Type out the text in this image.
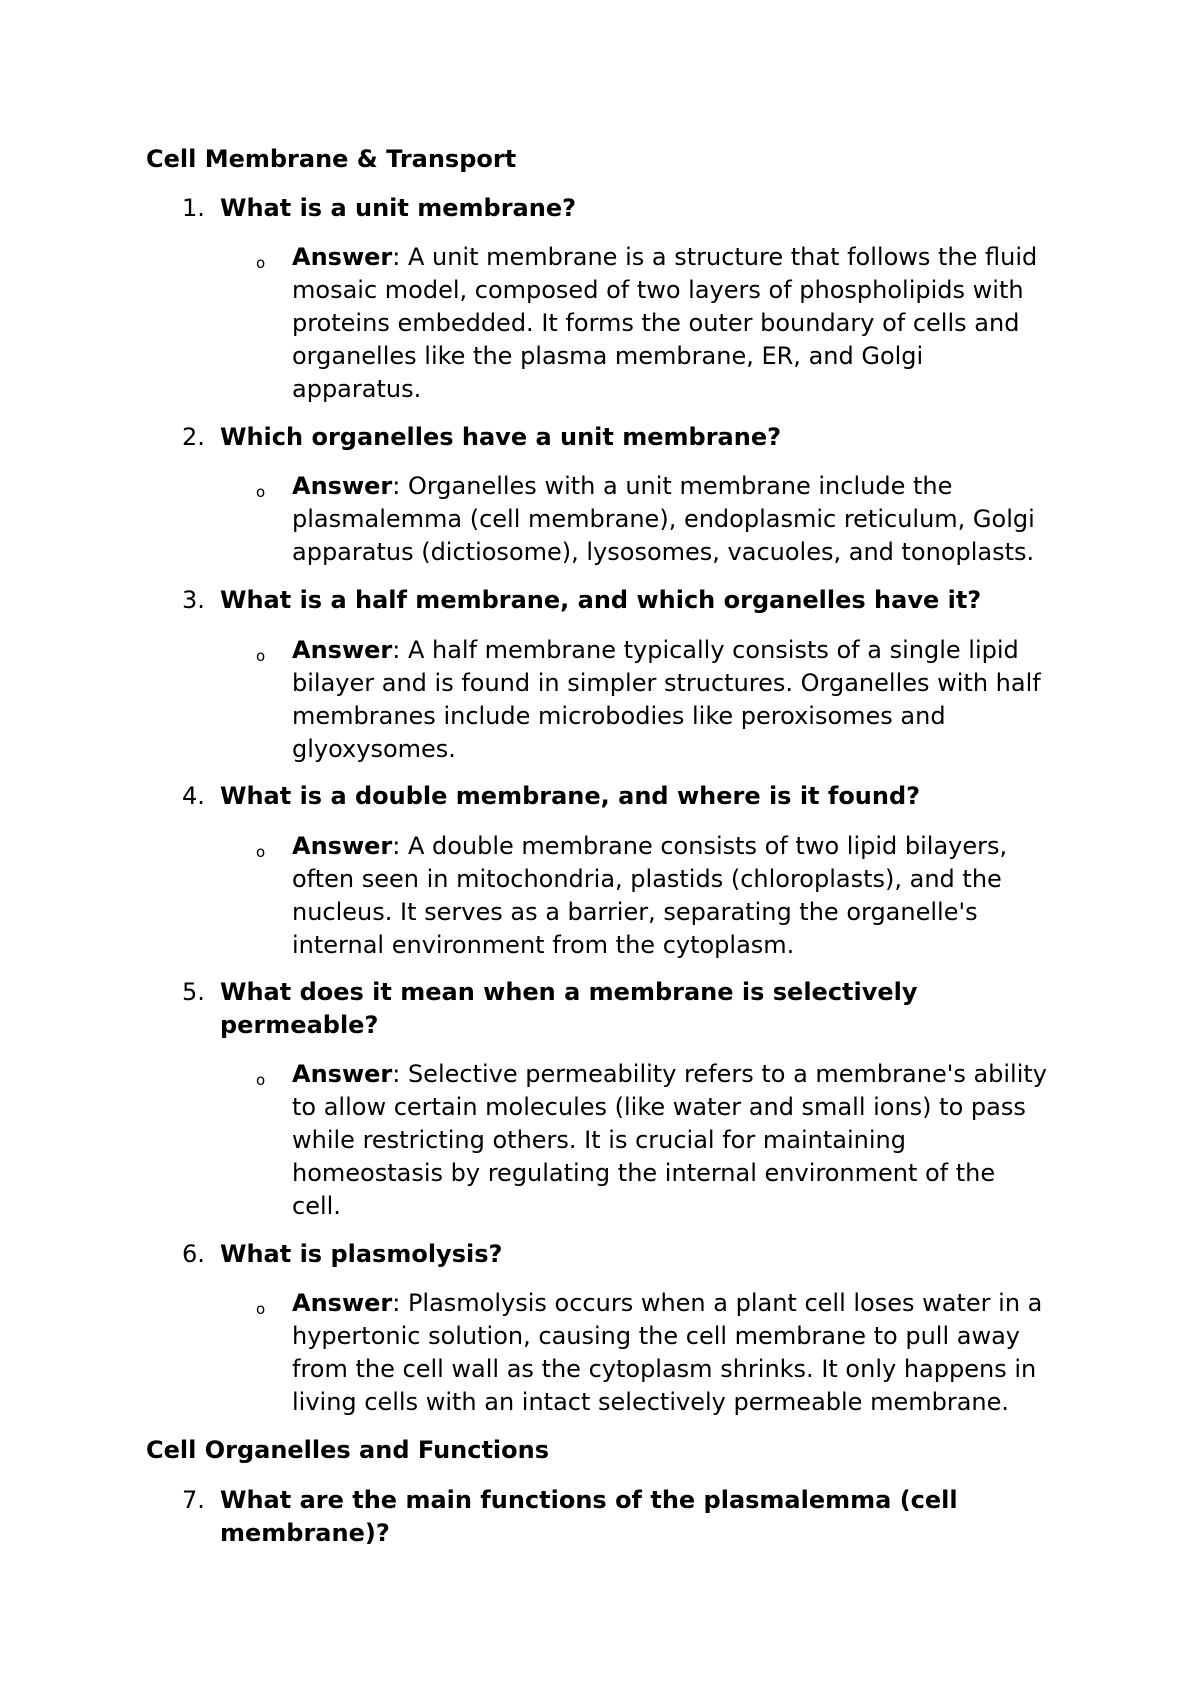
Cell Membrane & Transport
1. What is a unit membrane?
o Answer: A unit membrane is a structure that follows the fluid
mosaic model, composed of two layers of phospholipids with
proteins embedded. It forms the outer boundary of cells and
organelles like the plasma membrane, ER, and Golgi
apparatus.
2. Which organelles have a unit membrane?
o Answer: Organelles with a unit membrane include the
plasmalemma (cell membrane), endoplasmic reticulum, Golgi
apparatus (dictiosome), lysosomes, vacuoles, and tonoplasts.
3. What is a half membrane, and which organelles have it?
o Answer: A half membrane typically consists of a single lipid
bilayer and is found in simpler structures. Organelles with half
membranes include microbodies like peroxisomes and
glyoxysomes.
4. What is a double membrane, and where is it found?
o Answer: A double membrane consists of two lipid bilayers,
often seen in mitochondria, plastids (chloroplasts), and the
nucleus. It serves as a barrier, separating the organelle's
internal environment from the cytoplasm.
5. What does it mean when a membrane is selectively
permeable?
o Answer: Selective permeability refers to a membrane's ability
to allow certain molecules (like water and small ions) to pass
while restricting others. It is crucial for maintaining
homeostasis by regulating the internal environment of the
cell.
6. What is plasmolysis?
o Answer: Plasmolysis occurs when a plant cell loses water in a
hypertonic solution, causing the cell membrane to pull away
from the cell wall as the cytoplasm shrinks. It only happens in
living cells with an intact selectively permeable membrane.
Cell Organelles and Functions
7. What are the main functions of the plasmalemma (cell
membrane)?
